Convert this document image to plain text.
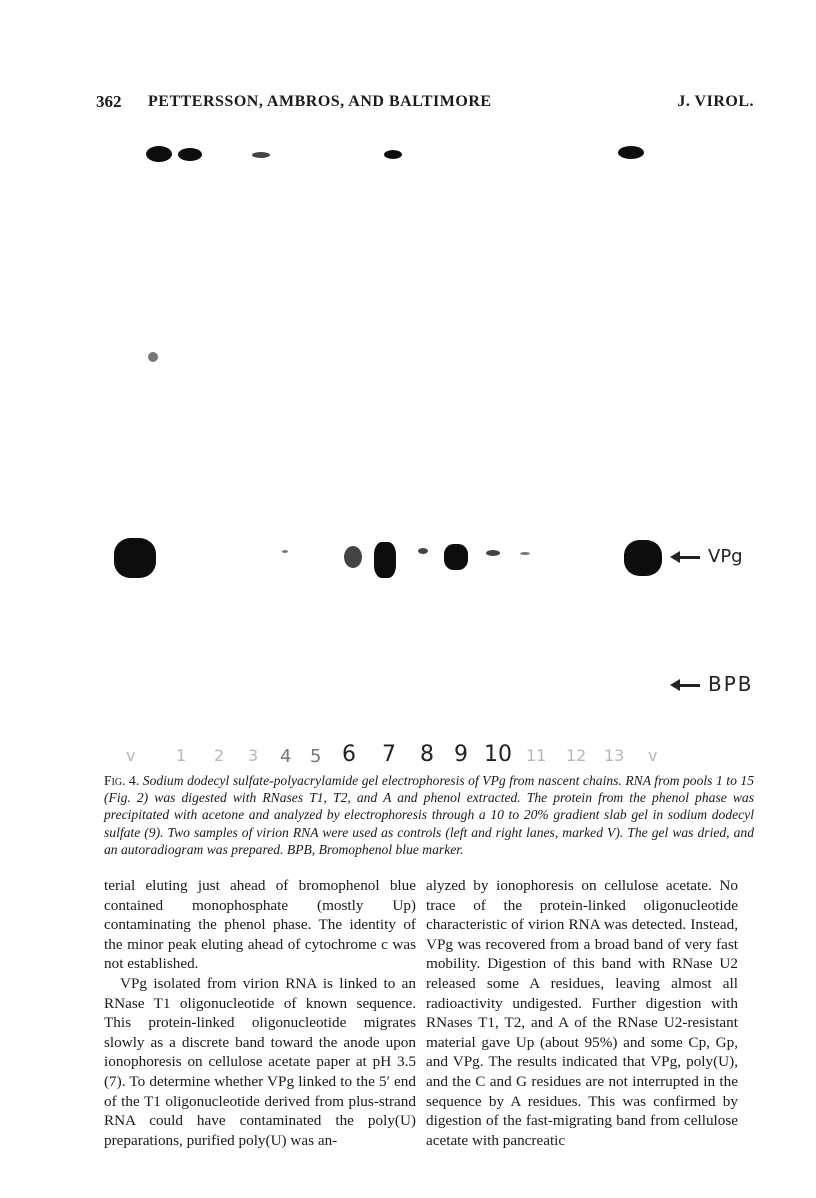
362 PETTERSSON, AMBROS, AND BALTIMORE	J. VIROL.
VPg
BPB
v	1 2 3 4 5 6 7 8 9 10 11 12 13 v
Fig. 4. Sodium dodecyl sulfate-polyacrylamide gel electrophoresis of VPg from nascent chains. RNA from pools 1 to 15 (Fig. 2) was digested with RNases T1, T2, and A and phenol extracted. The protein from the phenol phase was precipitated with acetone and analyzed by electrophoresis through a 10 to 20% gradient slab gel in sodium dodecyl sulfate (9). Two samples of virion RNA were used as controls (left and right lanes, marked V). The gel was dried, and an autoradiogram was prepared. BPB, Bromophenol blue marker.

terial eluting just ahead of bromophenol blue contained monophosphate (mostly Up) contaminating the phenol phase. The identity of the minor peak eluting ahead of cytochrome c was not established.

VPg isolated from virion RNA is linked to an RNase T1 oligonucleotide of known sequence. This protein-linked oligonucleotide migrates slowly as a discrete band toward the anode upon ionophoresis on cellulose acetate paper at pH 3.5 (7). To determine whether VPg linked to the 5′ end of the T1 oligonucleotide derived from plus-strand RNA could have contaminated the poly(U) preparations, purified poly(U) was an-

alyzed by ionophoresis on cellulose acetate. No trace of the protein-linked oligonucleotide characteristic of virion RNA was detected. Instead, VPg was recovered from a broad band of very fast mobility. Digestion of this band with RNase U2 released some A residues, leaving almost all radioactivity undigested. Further digestion with RNases T1, T2, and A of the RNase U2-resistant material gave Up (about 95%) and some Cp, Gp, and VPg. The results indicated that VPg, poly(U), and the C and G residues are not interrupted in the sequence by A residues. This was confirmed by digestion of the fast-migrating band from cellulose acetate with pancreatic
